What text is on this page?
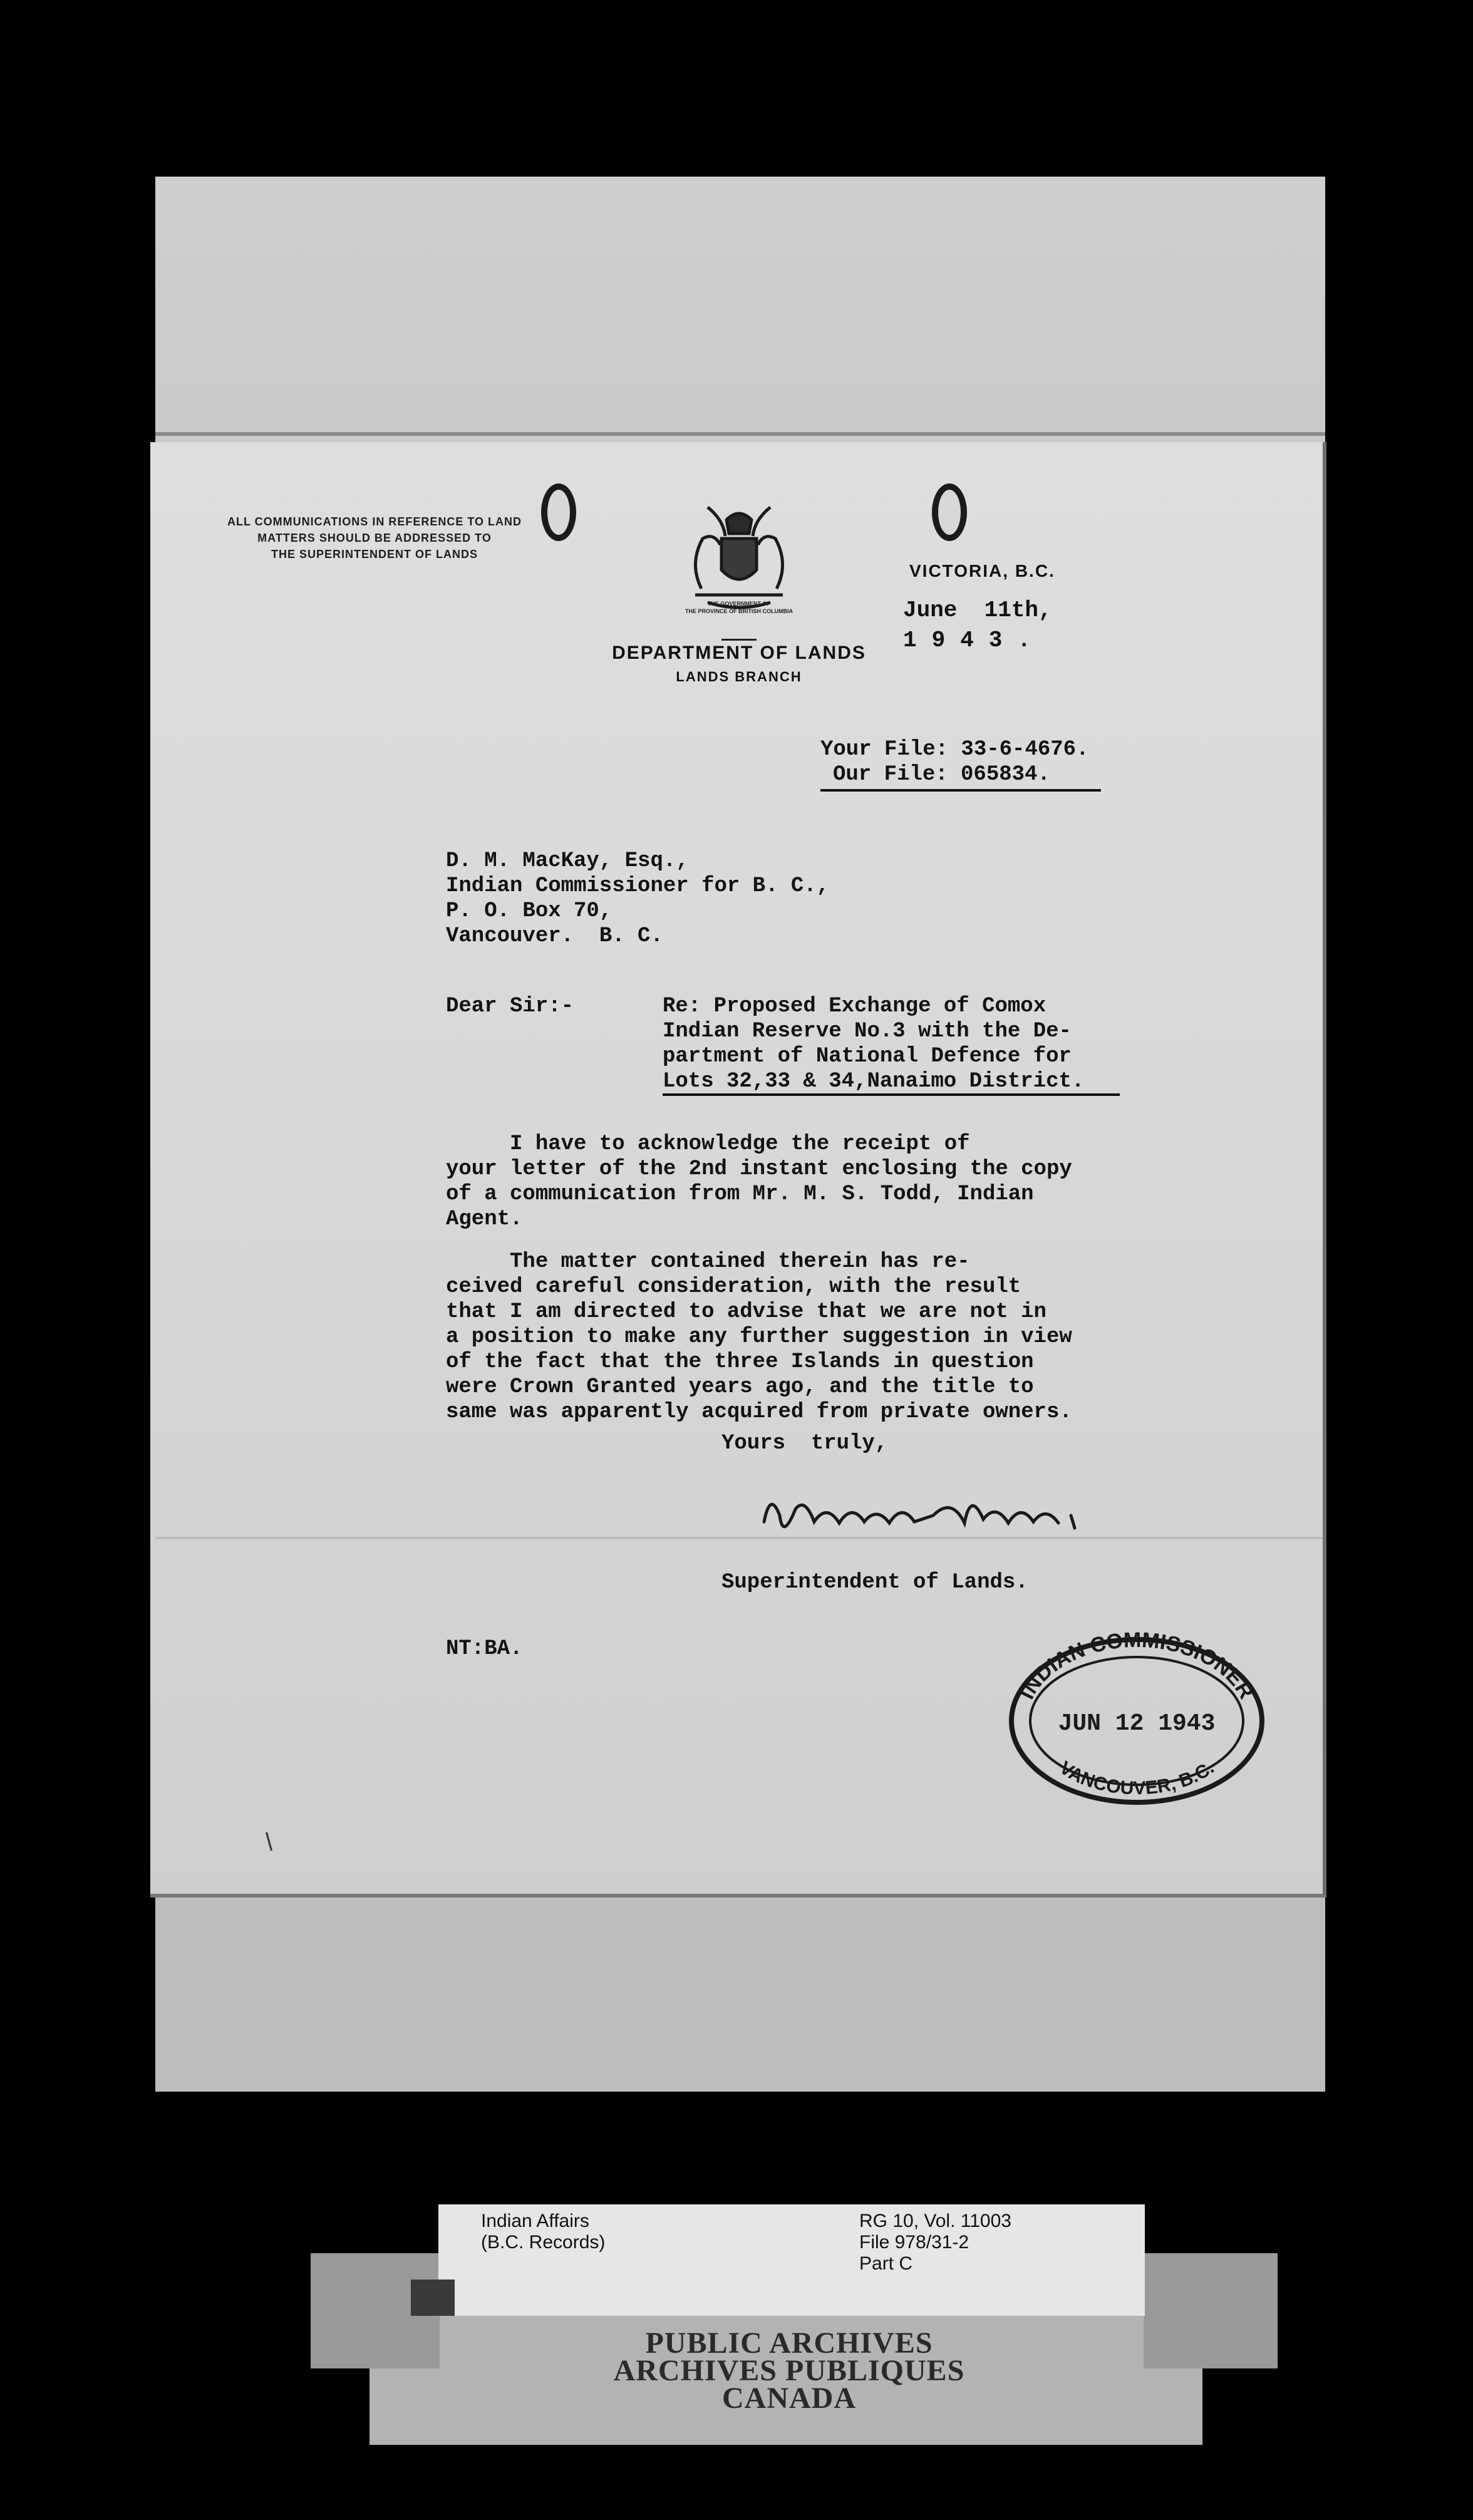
ALL COMMUNICATIONS IN REFERENCE TO LAND
MATTERS SHOULD BE ADDRESSED TO
THE SUPERINTENDENT OF LANDS
THE GOVERNMENT OF
THE PROVINCE OF BRITISH COLUMBIA
DEPARTMENT OF LANDS
LANDS BRANCH
VICTORIA, B.C.
June  11th,
1943.
Your File: 33-6-4676.
Our File: 065834.
D. M. MacKay, Esq.,
Indian Commissioner for B. C.,
P. O. Box 70,
Vancouver.  B. C.
Dear Sir:-	Re: Proposed Exchange of Comox
Indian Reserve No.3 with the De-
partment of National Defence for
Lots 32,33 & 34,Nanaimo District.
I have to acknowledge the receipt of
your letter of the 2nd instant enclosing the copy
of a communication from Mr. M. S. Todd, Indian
Agent.
The matter contained therein has re-
ceived careful consideration, with the result
that I am directed to advise that we are not in
a position to make any further suggestion in view
of the fact that the three Islands in question
were Crown Granted years ago, and the title to
same was apparently acquired from private owners.
Yours  truly,
Superintendent of Lands.
NT:BA.
INDIAN COMMISSIONER
JUN 12 1943
VANCOUVER, B.C.
\
Indian Affairs
(B.C. Records)
RG 10, Vol. 11003
File 978/31-2
Part C
PUBLIC ARCHIVES
ARCHIVES PUBLIQUES
CANADA
